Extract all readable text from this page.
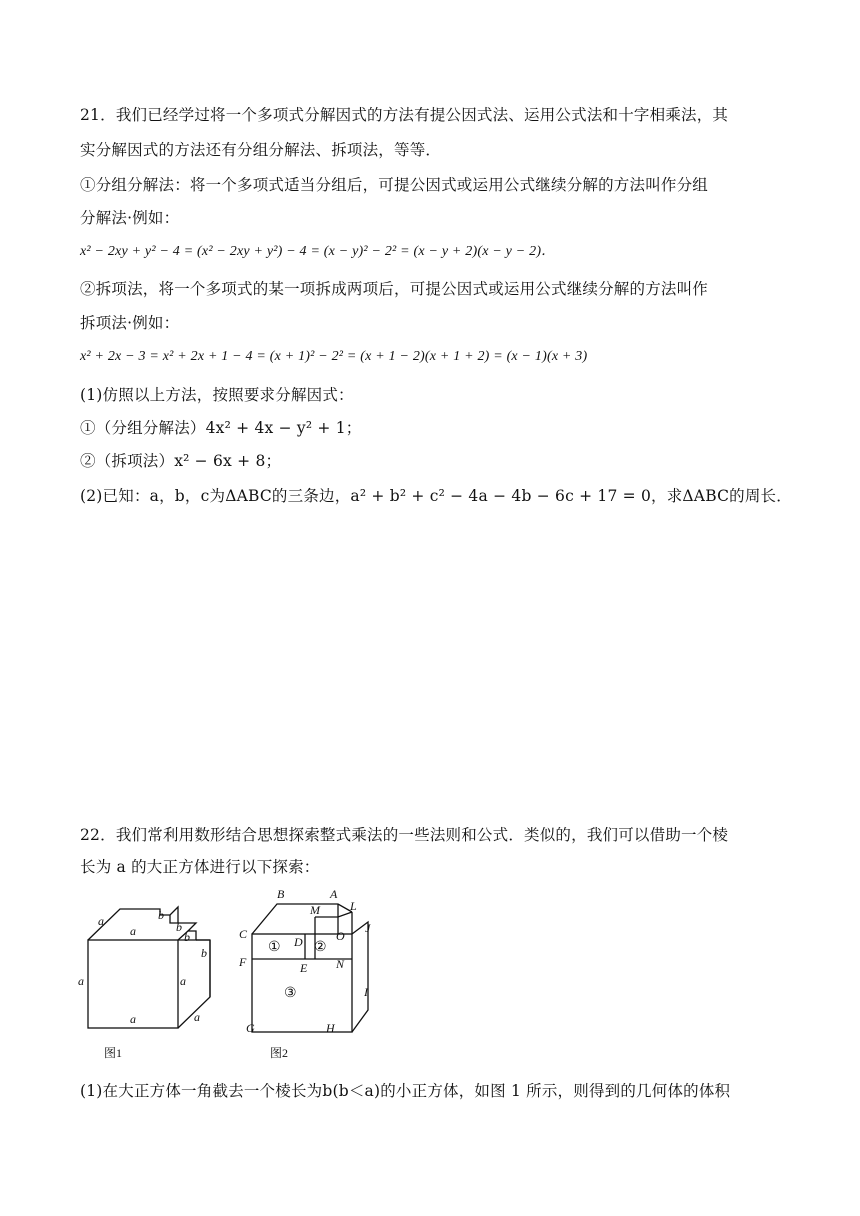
21．我们已经学过将一个多项式分解因式的方法有提公因式法、运用公式法和十字相乘法，其
实分解因式的方法还有分组分解法、拆项法，等等．
①分组分解法：将一个多项式适当分组后，可提公因式或运用公式继续分解的方法叫作分组
分解法·例如：
x² − 2xy + y² − 4 = (x² − 2xy + y²) − 4 = (x − y)² − 2² = (x − y + 2)(x − y − 2)．
②拆项法，将一个多项式的某一项拆成两项后，可提公因式或运用公式继续分解的方法叫作
拆项法·例如：
x² + 2x − 3 = x² + 2x + 1 − 4 = (x + 1)² − 2² = (x + 1 − 2)(x + 1 + 2) = (x − 1)(x + 3)
(1)仿照以上方法，按照要求分解因式：
①（分组分解法）4x² + 4x − y² + 1；
②（拆项法）x² − 6x + 8；
(2)已知：a，b，c为ΔABC的三条边，a² + b² + c² − 4a − 4b − 6c + 17 = 0，求ΔABC的周长．
22．我们常利用数形结合思想探索整式乘法的一些法则和公式．类似的，我们可以借助一个棱
长为 a 的大正方体进行以下探索：
a
a
b
b
b
b
a	a
a
a
图1
B	A
M	L
C
D	O
J
F	E N
I
G	H
① ②
③
图2
(1)在大正方体一角截去一个棱长为b(b＜a)的小正方体，如图 1 所示，则得到的几何体的体积
